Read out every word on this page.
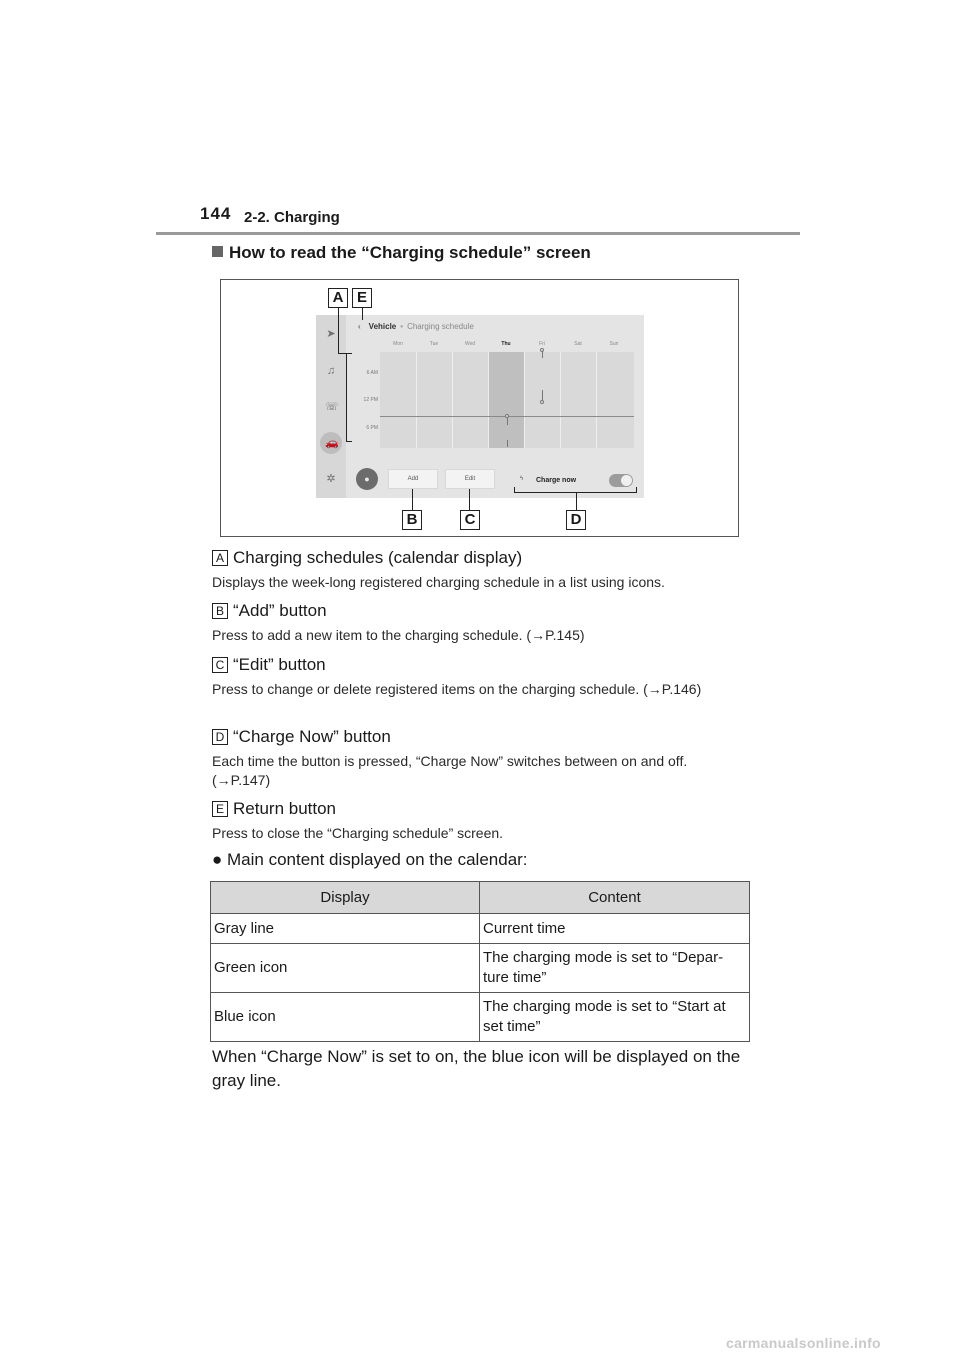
144 2-2. Charging
How to read the “Charging schedule” screen
➤
♫
☏
🚗
✲
‹ Vehicle • Charging schedule
Mon	Tue	Wed	Thu	Fri	Sat	Sun
6 AM
12 PM
6 PM
●	Add	Edit	ϟ Charge now
A E
B	C	D
A Charging schedules (calendar display)
Displays the week-long registered charging schedule in a list using icons.
B “Add” button
Press to add a new item to the charging schedule. (→P.145)
C “Edit” button
Press to change or delete registered items on the charging schedule. (→P.146)
D “Charge Now” button
Each time the button is pressed, “Charge Now” switches between on and off. (→P.147)
E Return button
Press to close the “Charging schedule” screen.
● Main content displayed on the calendar:
Display	Content
Gray line	Current time
Green icon	The charging mode is set to “Depar-ture time”
Blue icon	The charging mode is set to “Start at set time”
When “Charge Now” is set to on, the blue icon will be displayed on the gray line.
carmanualsonline.info
